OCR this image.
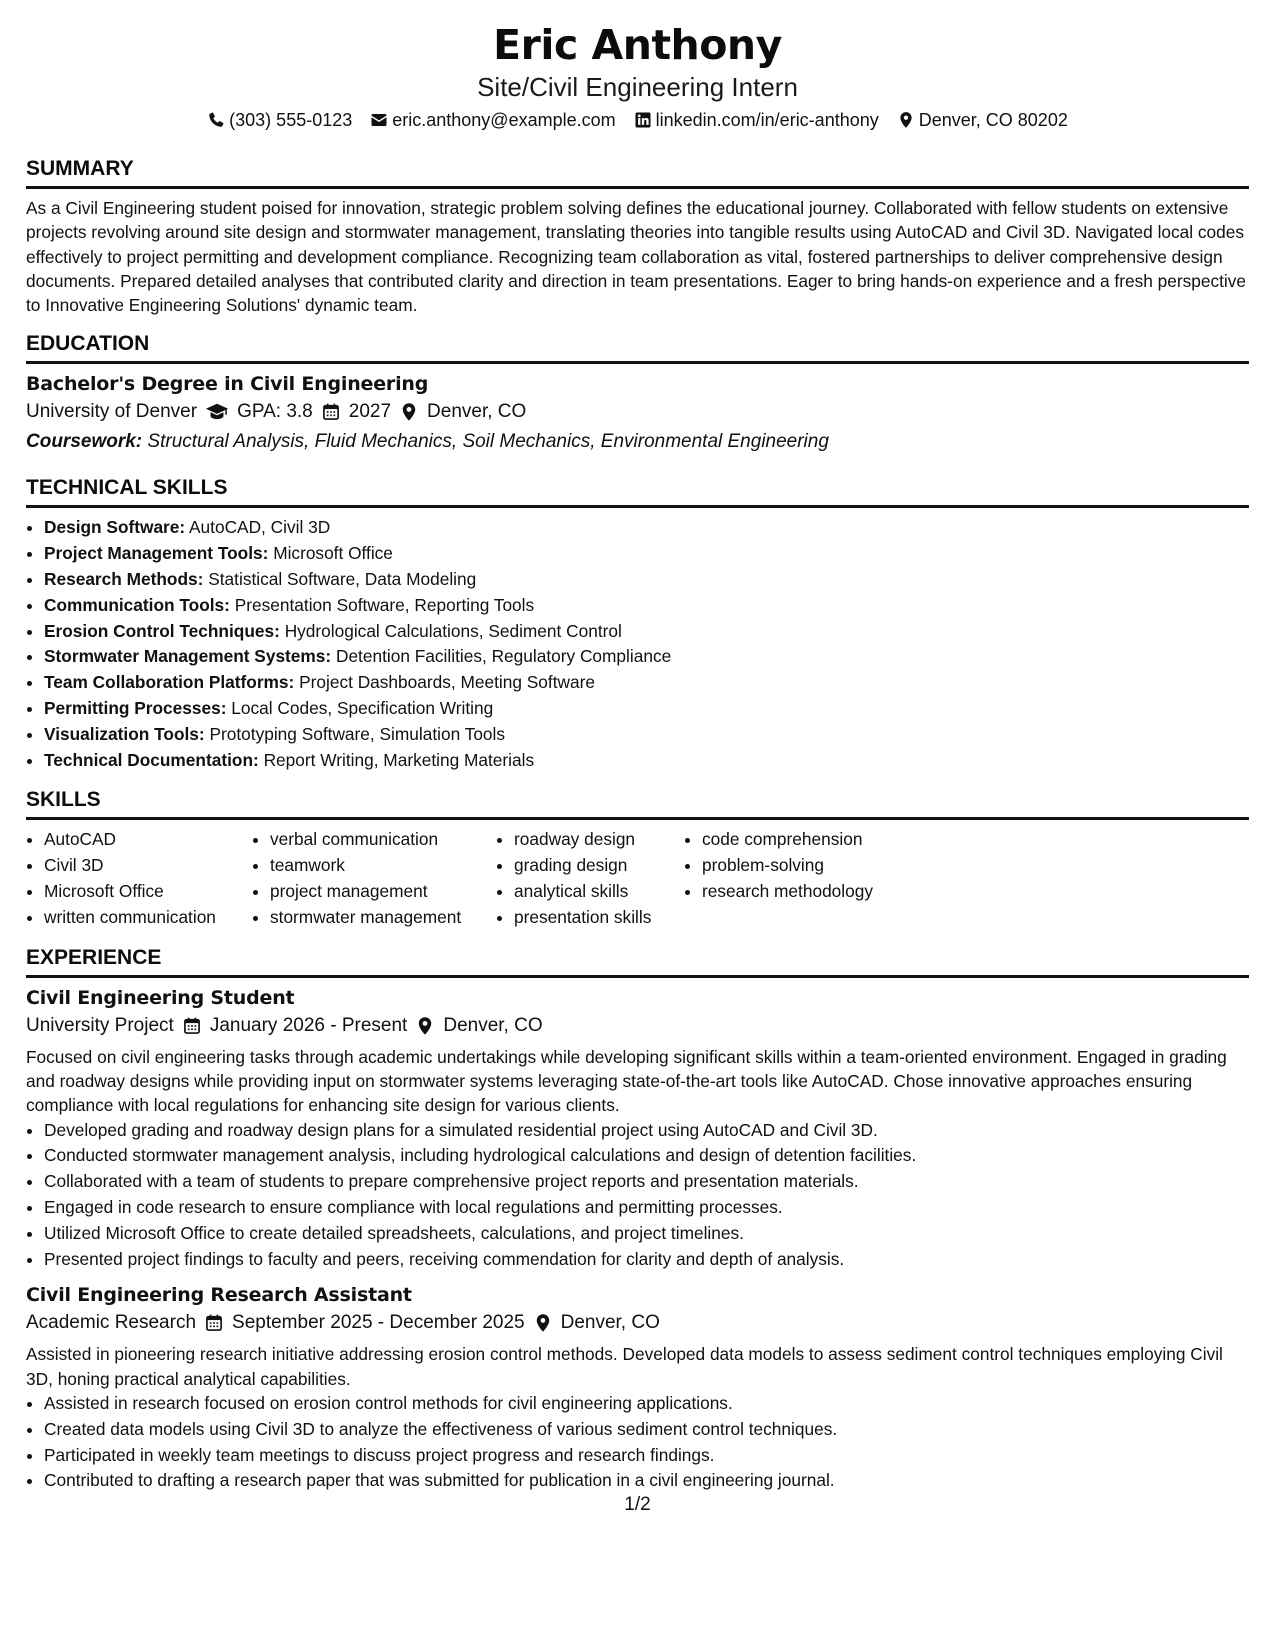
Eric Anthony
Site/Civil Engineering Intern
(303) 555-0123 eric.anthony@example.com linkedin.com/in/eric-anthony Denver, CO 80202
SUMMARY

As a Civil Engineering student poised for innovation, strategic problem solving defines the educational journey. Collaborated with fellow students on extensive projects revolving around site design and stormwater management, translating theories into tangible results using AutoCAD and Civil 3D. Navigated local codes effectively to project permitting and development compliance. Recognizing team collaboration as vital, fostered partnerships to deliver comprehensive design documents. Prepared detailed analyses that contributed clarity and direction in team presentations. Eager to bring hands-on experience and a fresh perspective to Innovative Engineering Solutions' dynamic team.

EDUCATION
Bachelor's Degree in Civil Engineering
University of Denver GPA: 3.8 2027 Denver, CO
Coursework: Structural Analysis, Fluid Mechanics, Soil Mechanics, Environmental Engineering
TECHNICAL SKILLS
• Design Software: AutoCAD, Civil 3D
• Project Management Tools: Microsoft Office
• Research Methods: Statistical Software, Data Modeling
• Communication Tools: Presentation Software, Reporting Tools
• Erosion Control Techniques: Hydrological Calculations, Sediment Control
• Stormwater Management Systems: Detention Facilities, Regulatory Compliance
• Team Collaboration Platforms: Project Dashboards, Meeting Software
• Permitting Processes: Local Codes, Specification Writing
• Visualization Tools: Prototyping Software, Simulation Tools
• Technical Documentation: Report Writing, Marketing Materials
SKILLS
• AutoCAD
• Civil 3D
• Microsoft Office
• written communication
• verbal communication
• teamwork
• project management
• stormwater management
• roadway design
• grading design
• analytical skills
• presentation skills
• code comprehension
• problem-solving
• research methodology
EXPERIENCE
Civil Engineering Student
University Project January 2026 - Present Denver, CO

Focused on civil engineering tasks through academic undertakings while developing significant skills within a team-oriented environment. Engaged in grading and roadway designs while providing input on stormwater systems leveraging state-of-the-art tools like AutoCAD. Chose innovative approaches ensuring compliance with local regulations for enhancing site design for various clients.

• Developed grading and roadway design plans for a simulated residential project using AutoCAD and Civil 3D.
• Conducted stormwater management analysis, including hydrological calculations and design of detention facilities.
• Collaborated with a team of students to prepare comprehensive project reports and presentation materials.
• Engaged in code research to ensure compliance with local regulations and permitting processes.
• Utilized Microsoft Office to create detailed spreadsheets, calculations, and project timelines.
• Presented project findings to faculty and peers, receiving commendation for clarity and depth of analysis.
Civil Engineering Research Assistant
Academic Research September 2025 - December 2025 Denver, CO

Assisted in pioneering research initiative addressing erosion control methods. Developed data models to assess sediment control techniques employing Civil 3D, honing practical analytical capabilities.

• Assisted in research focused on erosion control methods for civil engineering applications.
• Created data models using Civil 3D to analyze the effectiveness of various sediment control techniques.
• Participated in weekly team meetings to discuss project progress and research findings.
• Contributed to drafting a research paper that was submitted for publication in a civil engineering journal.
1/2
